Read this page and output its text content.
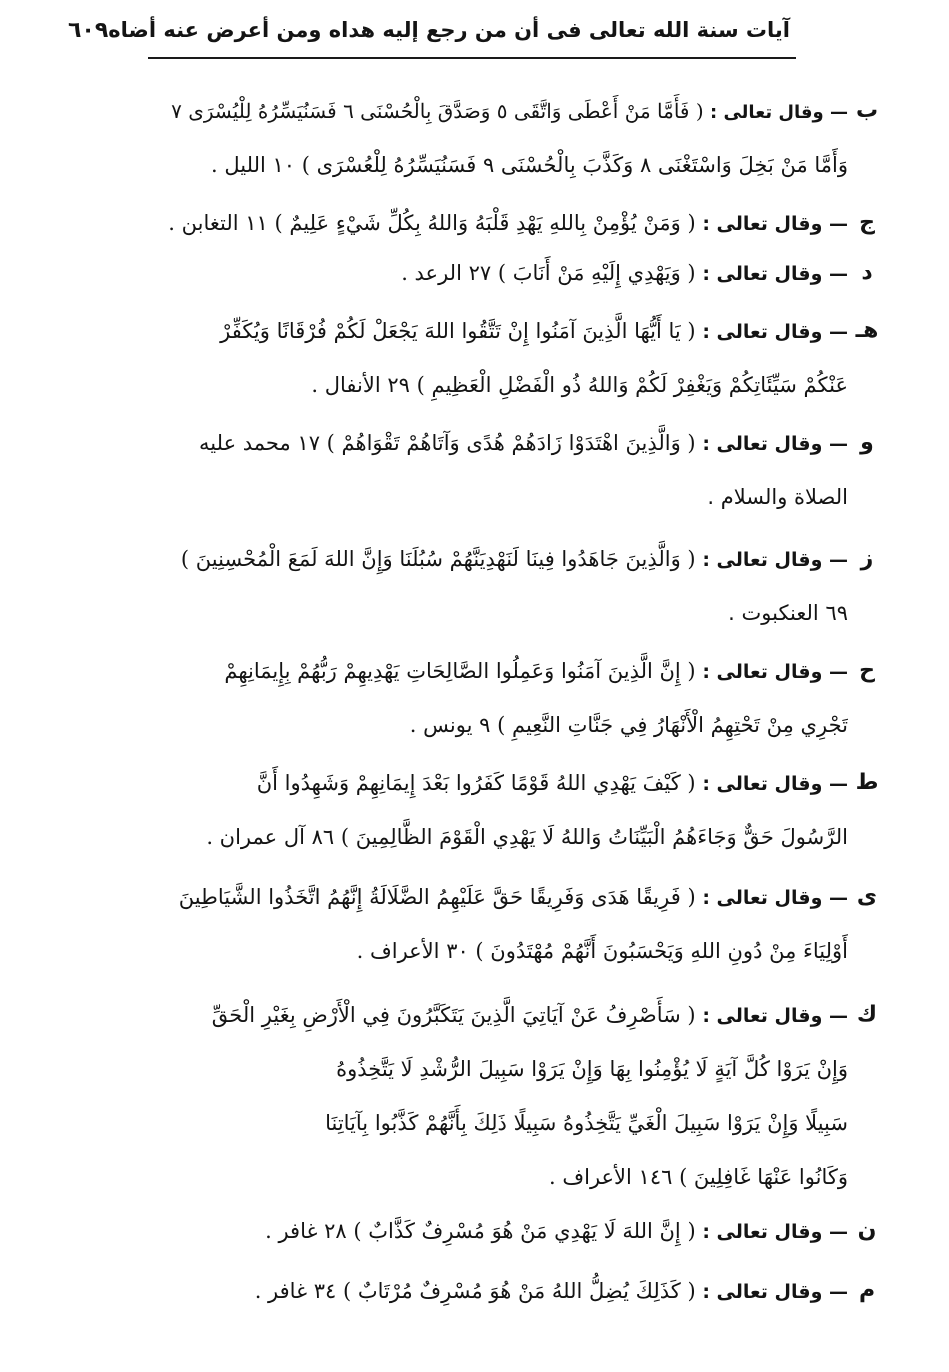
آيات سنة الله تعالى فى أن من رجع إليه هداه ومن أعرض عنه أضاه
٦٠٩
ب
— وقال تعالى : ( فَأَمَّا مَنْ أَعْطَى وَاتَّقَى ٥ وَصَدَّقَ بِالْحُسْنَى ٦ فَسَنُيَسِّرُهُ لِلْيُسْرَى ٧
وَأَمَّا مَنْ بَخِلَ وَاسْتَغْنَى ٨ وَكَذَّبَ بِالْحُسْنَى ٩ فَسَنُيَسِّرُهُ لِلْعُسْرَى ) ١٠ الليل .
ج
— وقال تعالى : ( وَمَنْ يُؤْمِنْ بِاللهِ يَهْدِ قَلْبَهُ وَاللهُ بِكُلِّ شَيْءٍ عَلِيمٌ ) ١١ التغابن .
د
— وقال تعالى : ( وَيَهْدِي إِلَيْهِ مَنْ أَنَابَ ) ٢٧ الرعد .
هـ
— وقال تعالى : ( يَا أَيُّهَا الَّذِينَ آمَنُوا إِنْ تَتَّقُوا اللهَ يَجْعَلْ لَكُمْ فُرْقَانًا وَيُكَفِّرْ
عَنْكُمْ سَيِّئَاتِكُمْ وَيَغْفِرْ لَكُمْ وَاللهُ ذُو الْفَضْلِ الْعَظِيمِ ) ٢٩ الأنفال .
و
— وقال تعالى : ( وَالَّذِينَ اهْتَدَوْا زَادَهُمْ هُدًى وَآتَاهُمْ تَقْوَاهُمْ ) ١٧ محمد عليه
الصلاة والسلام .
ز
— وقال تعالى : ( وَالَّذِينَ جَاهَدُوا فِينَا لَنَهْدِيَنَّهُمْ سُبُلَنَا وَإِنَّ اللهَ لَمَعَ الْمُحْسِنِينَ )
٦٩ العنكبوت .
ح
— وقال تعالى : ( إِنَّ الَّذِينَ آمَنُوا وَعَمِلُوا الصَّالِحَاتِ يَهْدِيهِمْ رَبُّهُمْ بِإِيمَانِهِمْ
تَجْرِي مِنْ تَحْتِهِمُ الْأَنْهَارُ فِي جَنَّاتِ النَّعِيمِ ) ٩ يونس .
ط
— وقال تعالى : ( كَيْفَ يَهْدِي اللهُ قَوْمًا كَفَرُوا بَعْدَ إِيمَانِهِمْ وَشَهِدُوا أَنَّ
الرَّسُولَ حَقٌّ وَجَاءَهُمُ الْبَيِّنَاتُ وَاللهُ لَا يَهْدِي الْقَوْمَ الظَّالِمِينَ ) ٨٦ آل عمران .
ى
— وقال تعالى : ( فَرِيقًا هَدَى وَفَرِيقًا حَقَّ عَلَيْهِمُ الضَّلَالَةُ إِنَّهُمُ اتَّخَذُوا الشَّيَاطِينَ
أَوْلِيَاءَ مِنْ دُونِ اللهِ وَيَحْسَبُونَ أَنَّهُمْ مُهْتَدُونَ ) ٣٠ الأعراف .
ك
— وقال تعالى : ( سَأَصْرِفُ عَنْ آيَاتِيَ الَّذِينَ يَتَكَبَّرُونَ فِي الْأَرْضِ بِغَيْرِ الْحَقِّ
وَإِنْ يَرَوْا كُلَّ آيَةٍ لَا يُؤْمِنُوا بِهَا وَإِنْ يَرَوْا سَبِيلَ الرُّشْدِ لَا يَتَّخِذُوهُ
سَبِيلًا وَإِنْ يَرَوْا سَبِيلَ الْغَيِّ يَتَّخِذُوهُ سَبِيلًا ذَلِكَ بِأَنَّهُمْ كَذَّبُوا بِآيَاتِنَا
وَكَانُوا عَنْهَا غَافِلِينَ ) ١٤٦ الأعراف .
ن
— وقال تعالى : ( إِنَّ اللهَ لَا يَهْدِي مَنْ هُوَ مُسْرِفٌ كَذَّابٌ ) ٢٨ غافر .
م
— وقال تعالى : ( كَذَلِكَ يُضِلُّ اللهُ مَنْ هُوَ مُسْرِفٌ مُرْتَابٌ ) ٣٤ غافر .
